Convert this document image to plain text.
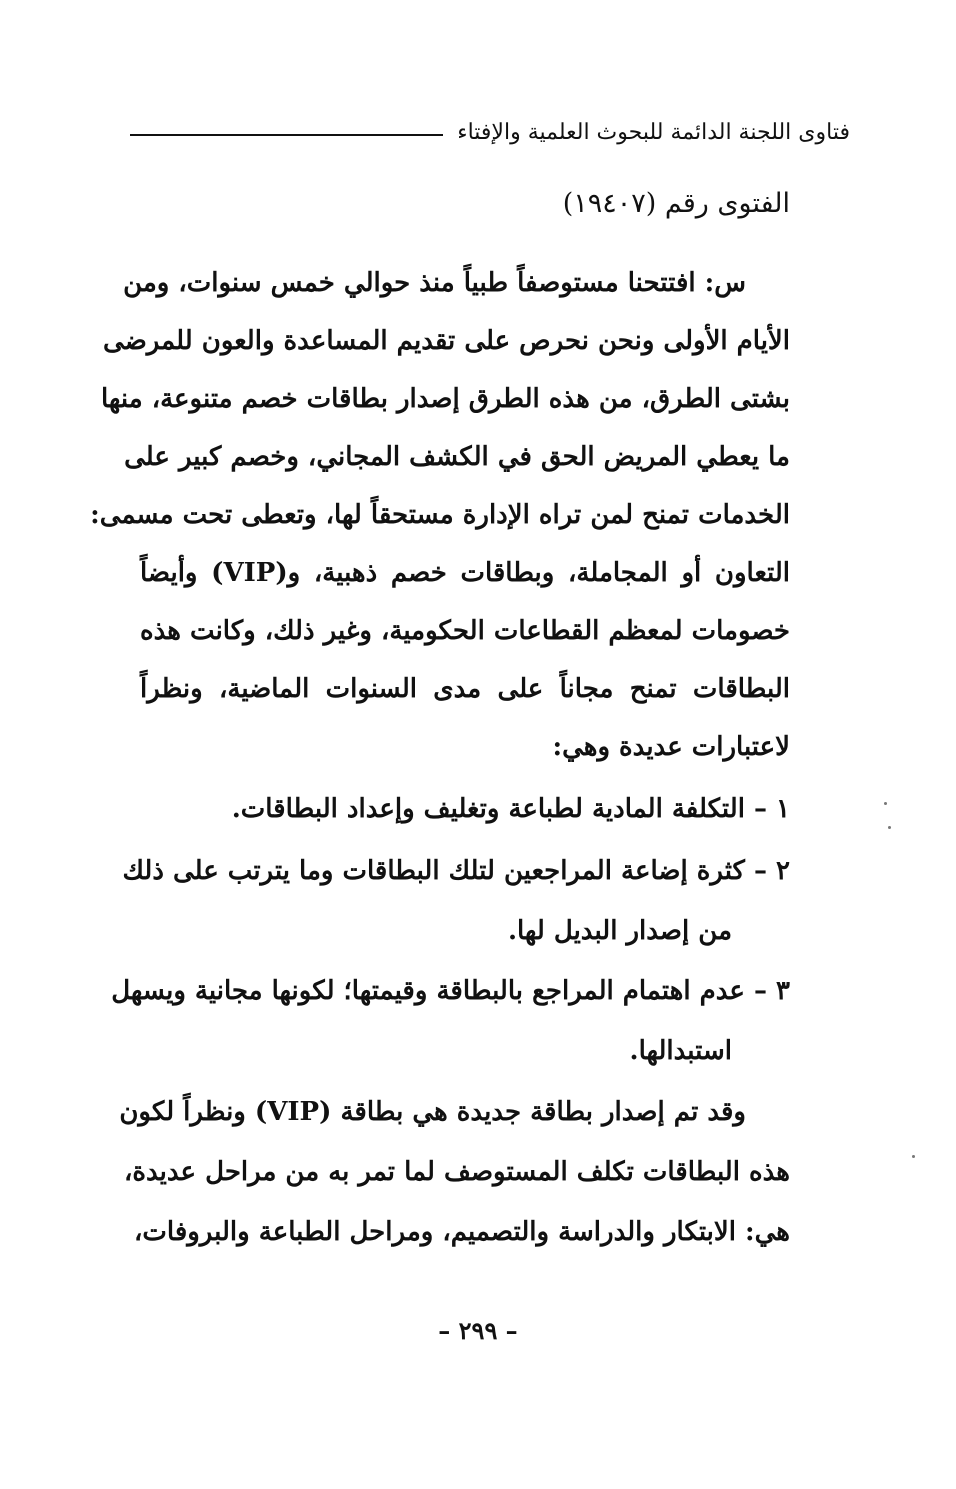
فتاوى اللجنة الدائمة للبحوث العلمية والإفتاء
الفتوى رقم (١٩٤٠٧)
س: افتتحنا مستوصفاً طبياً منذ حوالي خمس سنوات، ومن
الأيام الأولى ونحن نحرص على تقديم المساعدة والعون للمرضى
بشتى الطرق، من هذه الطرق إصدار بطاقات خصم متنوعة، منها
ما يعطي المريض الحق في الكشف المجاني، وخصم كبير على
الخدمات تمنح لمن تراه الإدارة مستحقاً لها، وتعطى تحت مسمى:
التعاون أو المجاملة، وبطاقات خصم ذهبية، و(VIP) وأيضاً
خصومات لمعظم القطاعات الحكومية، وغير ذلك، وكانت هذه
البطاقات تمنح مجاناً على مدى السنوات الماضية، ونظراً
لاعتبارات عديدة وهي:
١ – التكلفة المادية لطباعة وتغليف وإعداد البطاقات.
٢ – كثرة إضاعة المراجعين لتلك البطاقات وما يترتب على ذلك
من إصدار البديل لها.
٣ – عدم اهتمام المراجع بالبطاقة وقيمتها؛ لكونها مجانية ويسهل
استبدالها.
وقد تم إصدار بطاقة جديدة هي بطاقة (VIP) ونظراً لكون
هذه البطاقات تكلف المستوصف لما تمر به من مراحل عديدة،
هي: الابتكار والدراسة والتصميم، ومراحل الطباعة والبروفات،
– ٢٩٩ –
